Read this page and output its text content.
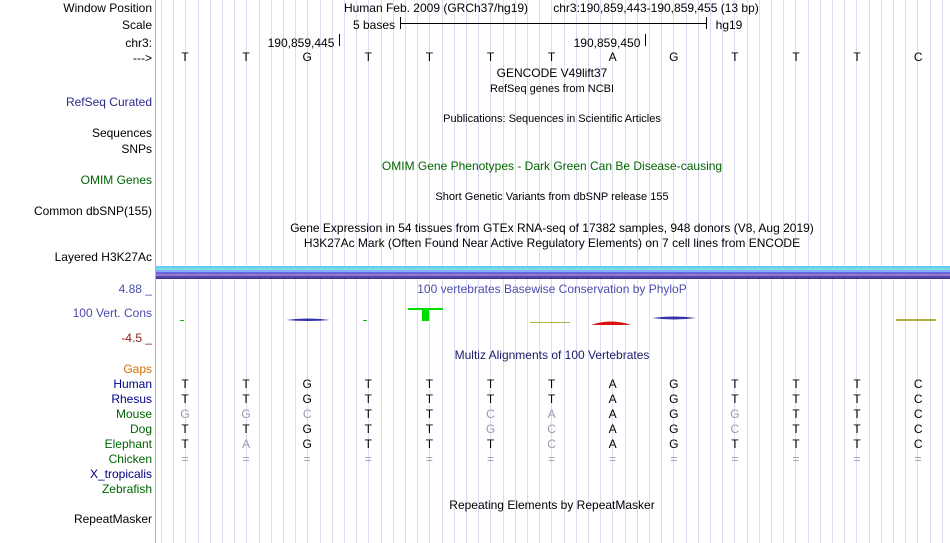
Window Position
Scale
chr3:
--->
RefSeq Curated
Sequences
SNPs
OMIM Genes
Common dbSNP(155)
Layered H3K27Ac
4.88 _
100 Vert. Cons
-4.5 _
Gaps
Human
Rhesus
Mouse
Dog
Elephant
Chicken
X_tropicalis
Zebrafish
RepeatMasker
Human Feb. 2009 (GRCh37/hg19) chr3:190,859,443-190,859,455 (13 bp)
5 bases	hg19
190,859,445	190,859,450
T	T	G	T	T	T	T	A	G	T	T	T	C
GENCODE V49lift37
RefSeq genes from NCBI
Publications: Sequences in Scientific Articles
OMIM Gene Phenotypes - Dark Green Can Be Disease-causing
Short Genetic Variants from dbSNP release 155
Gene Expression in 54 tissues from GTEx RNA-seq of 17382 samples, 948 donors (V8, Aug 2019)
H3K27Ac Mark (Often Found Near Active Regulatory Elements) on 7 cell lines from ENCODE
100 vertebrates Basewise Conservation by PhyloP
Multiz Alignments of 100 Vertebrates
T	T	G	T	T	T	T	A	G	T	T	T	C
T	T	G	T	T	T	T	A	G	T	T	T	C
G	G	C	T	T	C	A	A	G	G	T	T	C
T	T	G	T	T	G	C	A	G	C	T	T	C
T	A	G	T	T	T	C	A	G	T	T	T	C
=	=	=	=	=	=	=	=	=	=	=	=	=
Repeating Elements by RepeatMasker
